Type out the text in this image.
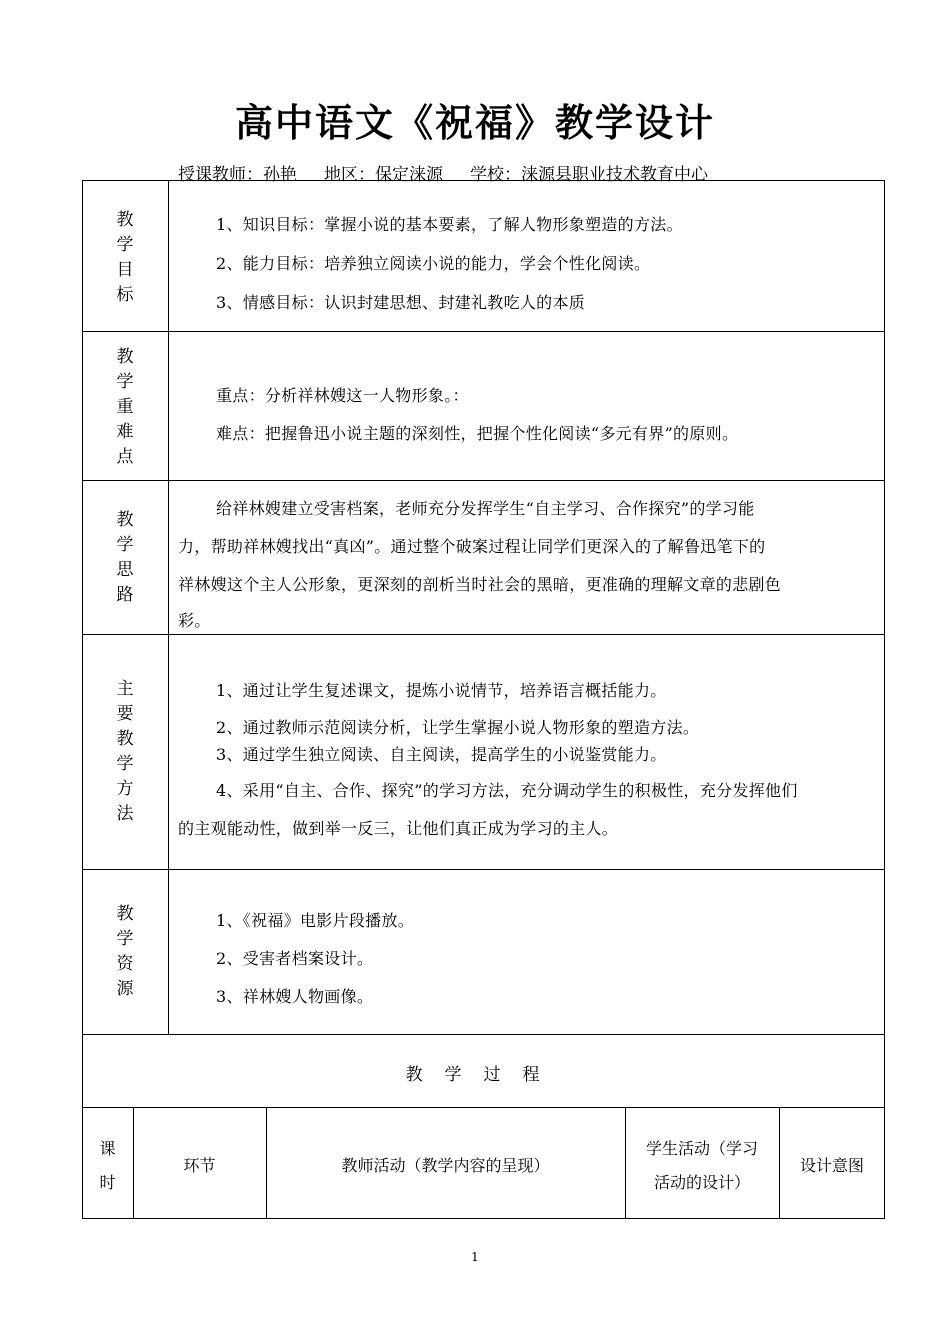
高中语文《祝福》教学设计
授课教师：孙艳     地区：保定涞源     学校：涞源县职业技术教育中心
教
学
目
标
1、知识目标：掌握小说的基本要素，了解人物形象塑造的方法。
2、能力目标：培养独立阅读小说的能力，学会个性化阅读。
3、情感目标：认识封建思想、封建礼教吃人的本质
教
学
重
难
点
重点：分析祥林嫂这一人物形象。：
难点：把握鲁迅小说主题的深刻性，把握个性化阅读“多元有界”的原则。
教
学
思
路
给祥林嫂建立受害档案，老师充分发挥学生“自主学习、合作探究”的学习能
力，帮助祥林嫂找出“真凶”。通过整个破案过程让同学们更深入的了解鲁迅笔下的
祥林嫂这个主人公形象，更深刻的剖析当时社会的黑暗，更准确的理解文章的悲剧色
彩。
主
要
教
学
方
法
1、通过让学生复述课文，提炼小说情节，培养语言概括能力。
2、通过教师示范阅读分析，让学生掌握小说人物形象的塑造方法。
3、通过学生独立阅读、自主阅读，提高学生的小说鉴赏能力。
4、采用“自主、合作、探究”的学习方法，充分调动学生的积极性，充分发挥他们
的主观能动性，做到举一反三，让他们真正成为学习的主人。
教
学
资
源
1、《祝福》电影片段播放。
2、受害者档案设计。
3、祥林嫂人物画像。
教学过程
课
时
环节	教师活动（教学内容的呈现）
学生活动（学习
活动的设计）
设计意图
1
